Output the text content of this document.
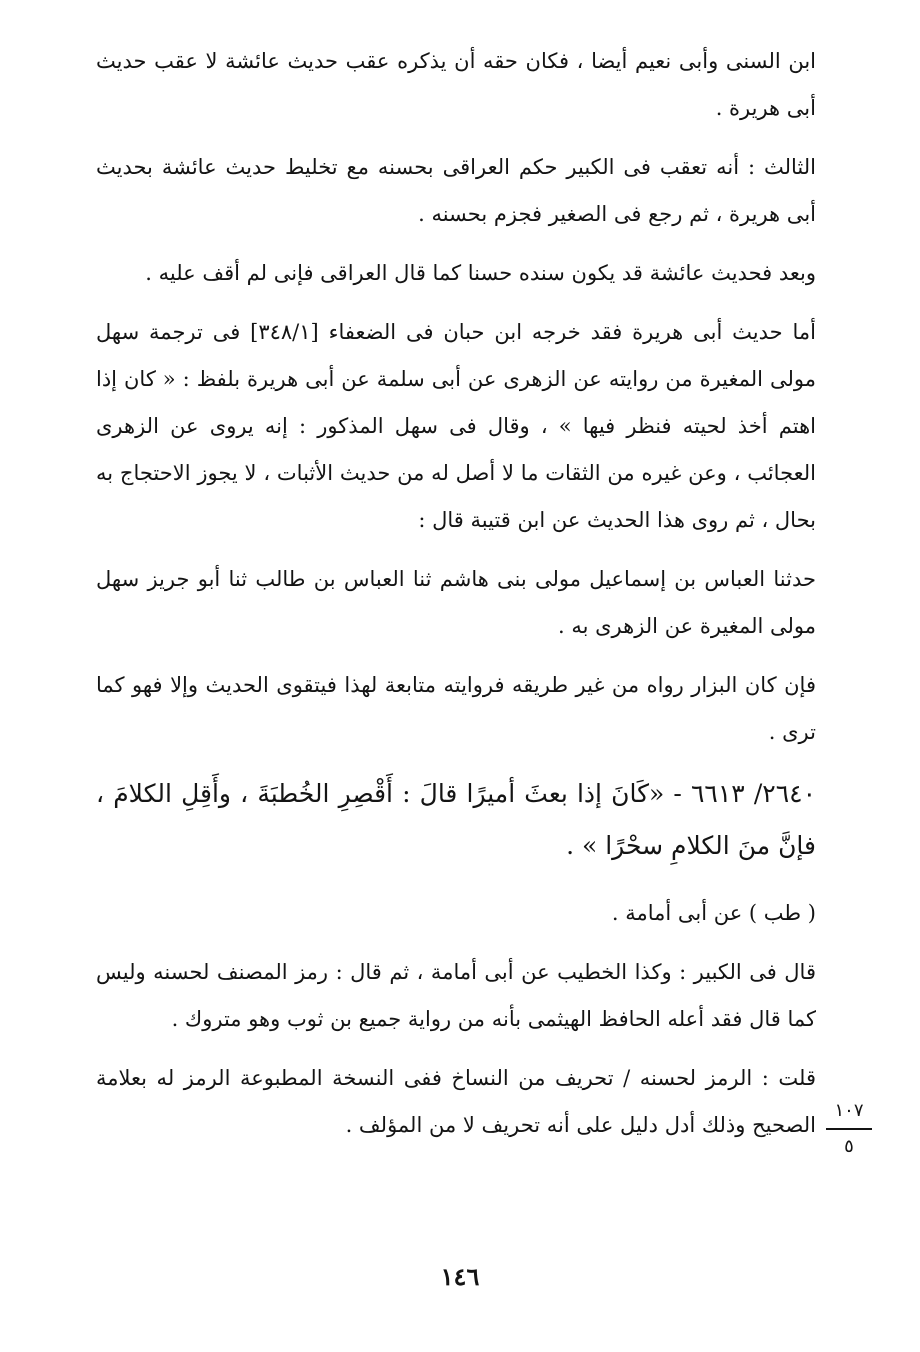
ابن السنى وأبى نعيم أيضا ، فكان حقه أن يذكره عقب حديث عائشة لا عقب حديث أبى هريرة .

الثالث : أنه تعقب فى الكبير حكم العراقى بحسنه مع تخليط حديث عائشة بحديث أبى هريرة ، ثم رجع فى الصغير فجزم بحسنه .

وبعد فحديث عائشة قد يكون سنده حسنا كما قال العراقى فإنى لم أقف عليه .

أما حديث أبى هريرة فقد خرجه ابن حبان فى الضعفاء [٣٤٨/١] فى ترجمة سهل مولى المغيرة من روايته عن الزهرى عن أبى سلمة عن أبى هريرة بلفظ : « كان إذا اهتم أخذ لحيته فنظر فيها » ، وقال فى سهل المذكور : إنه يروى عن الزهرى العجائب ، وعن غيره من الثقات ما لا أصل له من حديث الأثبات ، لا يجوز الاحتجاج به بحال ، ثم روى هذا الحديث عن ابن قتيبة قال :

حدثنا العباس بن إسماعيل مولى بنى هاشم ثنا العباس بن طالب ثنا أبو جريز سهل مولى المغيرة عن الزهرى به .

فإن كان البزار رواه من غير طريقه فروايته متابعة لهذا فيتقوى الحديث وإلا فهو كما ترى .

٢٦٤٠/ ٦٦١٣ - «كَانَ إذا بعثَ أميرًا قالَ : أَقْصِرِ الخُطبَةَ ، وأَقِلِ الكلامَ ، فإنَّ منَ الكلامِ سحْرًا » .

( طب ) عن أبى أمامة .

قال فى الكبير : وكذا الخطيب عن أبى أمامة ، ثم قال : رمز المصنف لحسنه وليس كما قال فقد أعله الحافظ الهيثمى بأنه من رواية جميع بن ثوب وهو متروك .

قلت : الرمز لحسنه / تحريف من النساخ ففى النسخة المطبوعة الرمز له بعلامة الصحيح وذلك أدل دليل على أنه تحريف لا من المؤلف .

١٠٧
٥
١٤٦
